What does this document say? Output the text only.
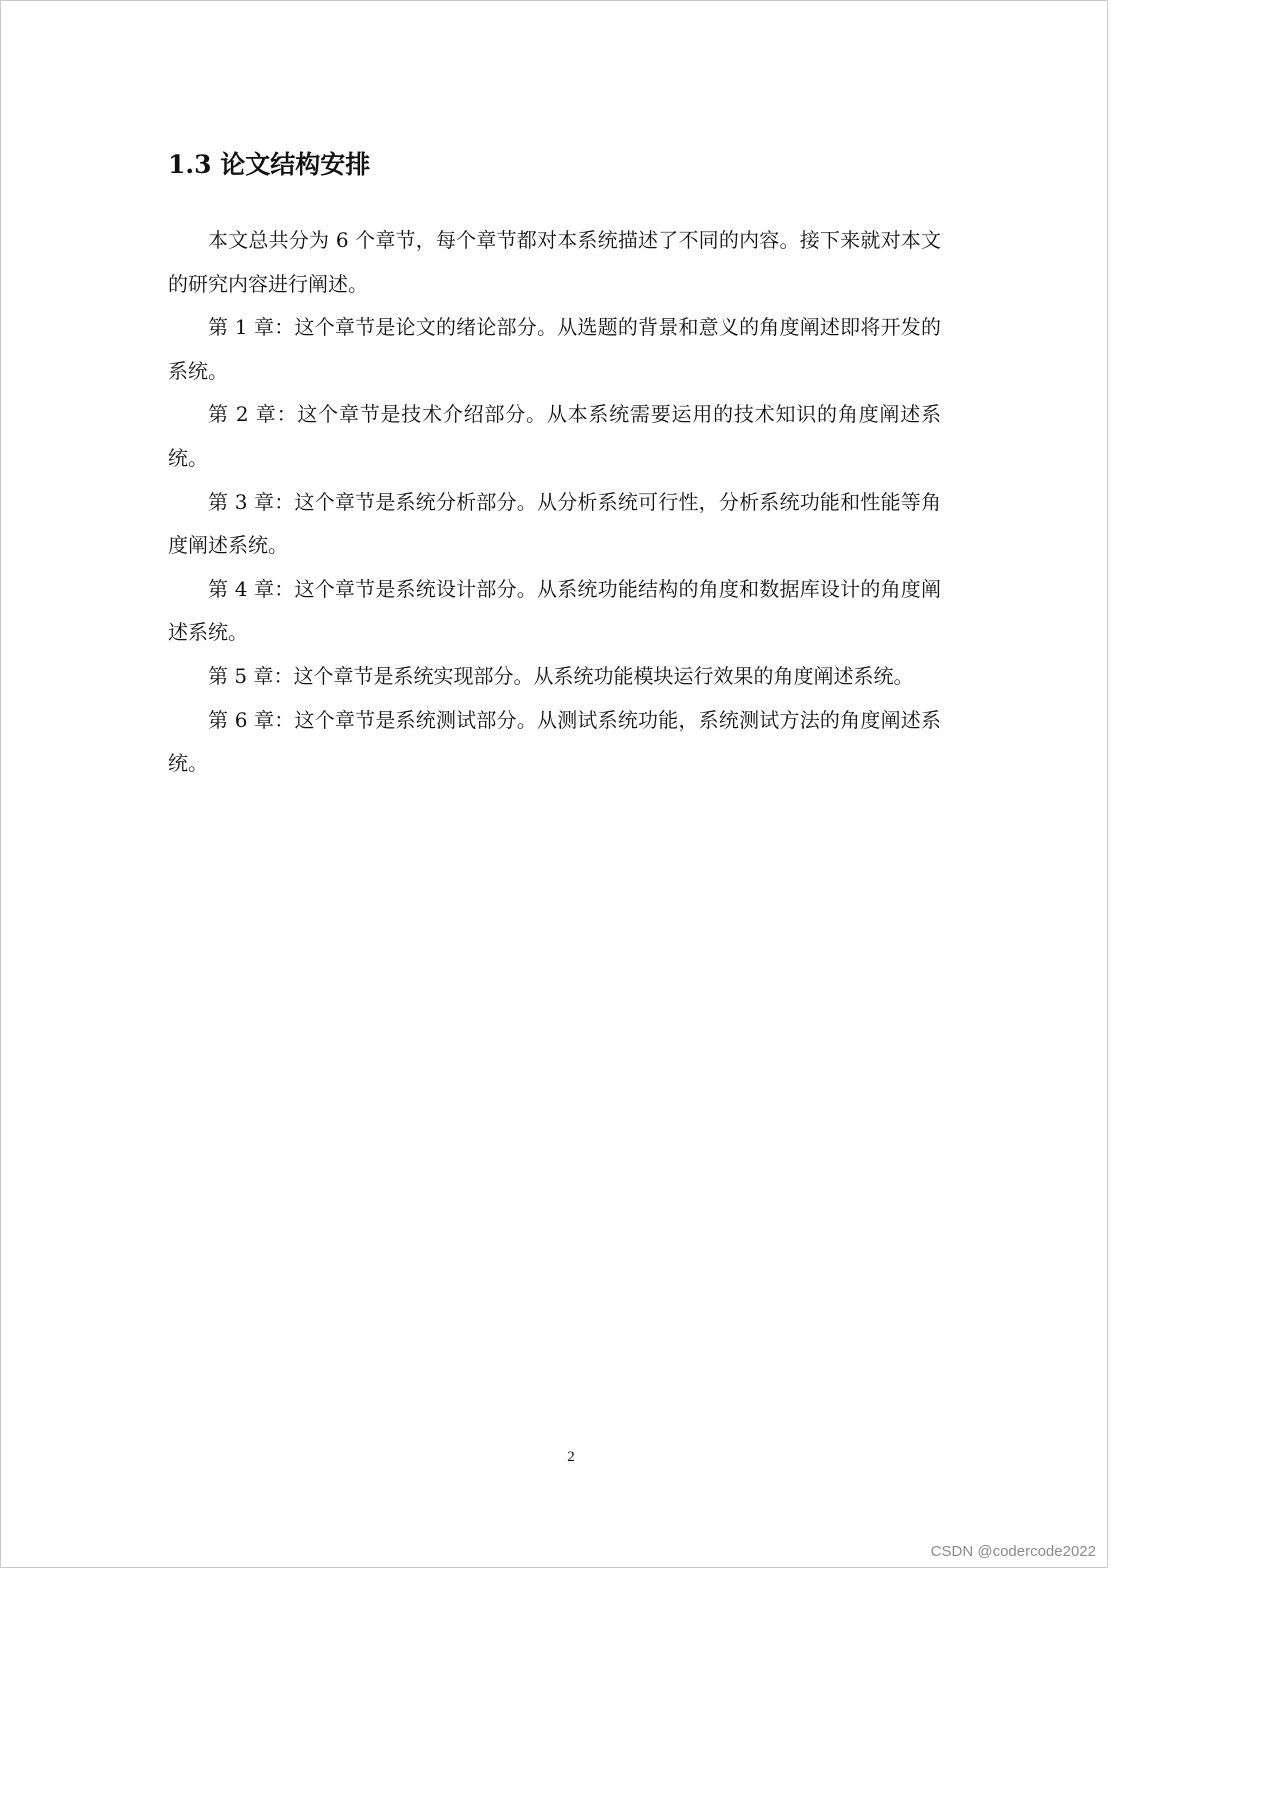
1.3 论文结构安排

本文总共分为 6 个章节，每个章节都对本系统描述了不同的内容。接下来就对本文的研究内容进行阐述。

第 1 章：这个章节是论文的绪论部分。从选题的背景和意义的角度阐述即将开发的系统。

第 2 章：这个章节是技术介绍部分。从本系统需要运用的技术知识的角度阐述系统。

第 3 章：这个章节是系统分析部分。从分析系统可行性，分析系统功能和性能等角度阐述系统。

第 4 章：这个章节是系统设计部分。从系统功能结构的角度和数据库设计的角度阐述系统。

第 5 章：这个章节是系统实现部分。从系统功能模块运行效果的角度阐述系统。

第 6 章：这个章节是系统测试部分。从测试系统功能，系统测试方法的角度阐述系统。

2
CSDN @codercode2022
